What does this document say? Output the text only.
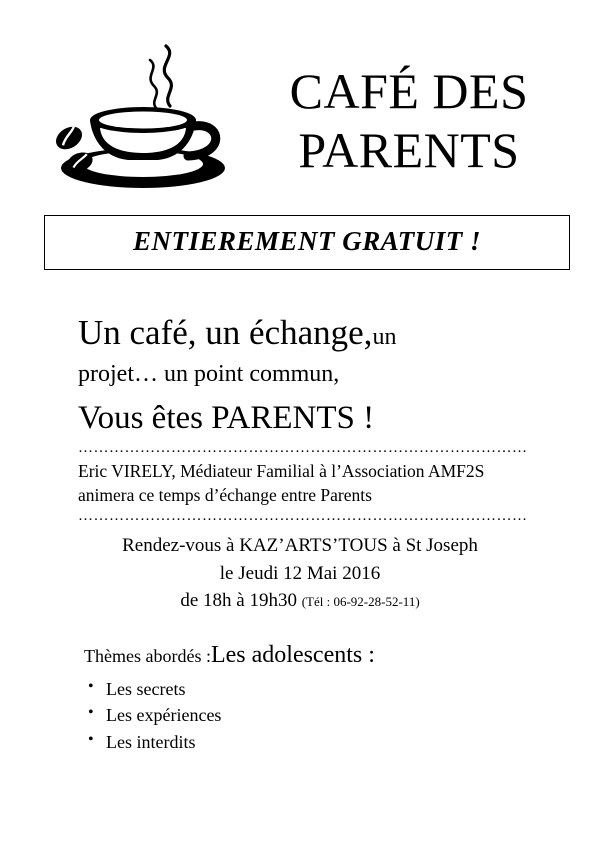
CAFÉ DES
PARENTS
ENTIEREMENT GRATUIT !
Un café, un échange,un
projet… un point commun,
Vous êtes PARENTS !
……………………………………………………………………………
Eric VIRELY, Médiateur Familial à l’Association AMF2S
animera ce temps d’échange entre Parents
……………………………………………………………………………
Rendez-vous à KAZ’ARTS’TOUS à St Joseph
le Jeudi 12 Mai 2016
de 18h à 19h30 (Tél : 06-92-28-52-11)
Thèmes abordés :Les adolescents :
• Les secrets
• Les expériences
• Les interdits
